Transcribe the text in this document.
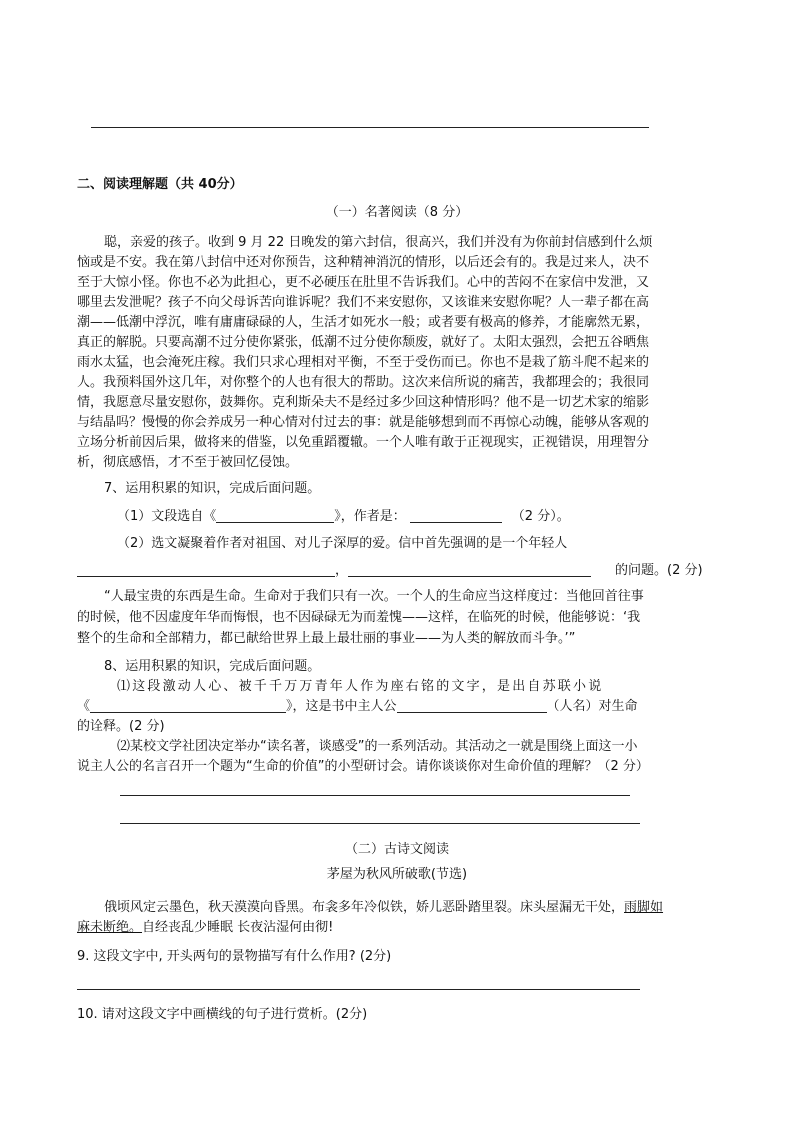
二、阅读理解题（共 40分）
（一）名著阅读（8 分）
聪，亲爱的孩子。收到 9 月 22 日晚发的第六封信，很高兴，我们并没有为你前封信感到什么烦
恼或是不安。我在第八封信中还对你预告，这种精神消沉的情形，以后还会有的。我是过来人，决不
至于大惊小怪。你也不必为此担心，更不必硬压在肚里不告诉我们。心中的苦闷不在家信中发泄，又
哪里去发泄呢？孩子不向父母诉苦向谁诉呢？我们不来安慰你，又该谁来安慰你呢？人一辈子都在高
潮——低潮中浮沉，唯有庸庸碌碌的人，生活才如死水一般；或者要有极高的修养，才能廓然无累，
真正的解脱。只要高潮不过分使你紧张，低潮不过分使你颓废，就好了。太阳太强烈，会把五谷晒焦
雨水太猛，也会淹死庄稼。我们只求心理相对平衡，不至于受伤而已。你也不是栽了筋斗爬不起来的
人。我预料国外这几年，对你整个的人也有很大的帮助。这次来信所说的痛苦，我都理会的；我很同
情，我愿意尽量安慰你，鼓舞你。克利斯朵夫不是经过多少回这种情形吗？他不是一切艺术家的缩影
与结晶吗？慢慢的你会养成另一种心情对付过去的事：就是能够想到而不再惊心动魄，能够从客观的
立场分析前因后果，做将来的借鉴，以免重蹈覆辙。一个人唯有敢于正视现实，正视错误，用理智分
析，彻底感悟，才不至于被回忆侵蚀。
7、运用积累的知识，完成后面问题。
（1）文段选自《	》，作者是：	（2 分）。
（2）选文凝聚着作者对祖国、对儿子深厚的爱。信中首先强调的是一个年轻人
，	的问题。(2 分)
“人最宝贵的东西是生命。生命对于我们只有一次。一个人的生命应当这样度过：当他回首往事
的时候，他不因虚度年华而悔恨，也不因碌碌无为而羞愧——这样，在临死的时候，他能够说：‘我
整个的生命和全部精力，都已献给世界上最上最壮丽的事业——为人类的解放而斗争。’”
8、运用积累的知识，完成后面问题。
⑴这段激动人心、被千千万万青年人作为座右铭的文字，是出自苏联小说
《	》，这是书中主人公	（人名）对生命
的诠释。(2 分)
⑵某校文学社团决定举办“读名著，谈感受”的一系列活动。其活动之一就是围绕上面这一小
说主人公的名言召开一个题为“生命的价值”的小型研讨会。请你谈谈你对生命价值的理解？（2 分）
（二）古诗文阅读
茅屋为秋风所破歌(节选)
俄顷风定云墨色，秋天漠漠向昏黑。布衾多年冷似铁，娇儿恶卧踏里裂。床头屋漏无干处，雨脚如
麻未断绝。自经丧乱少睡眠 长夜沾湿何由彻!
9. 这段文字中, 开头两句的景物描写有什么作用? (2分)
10. 请对这段文字中画横线的句子进行赏析。(2分)
